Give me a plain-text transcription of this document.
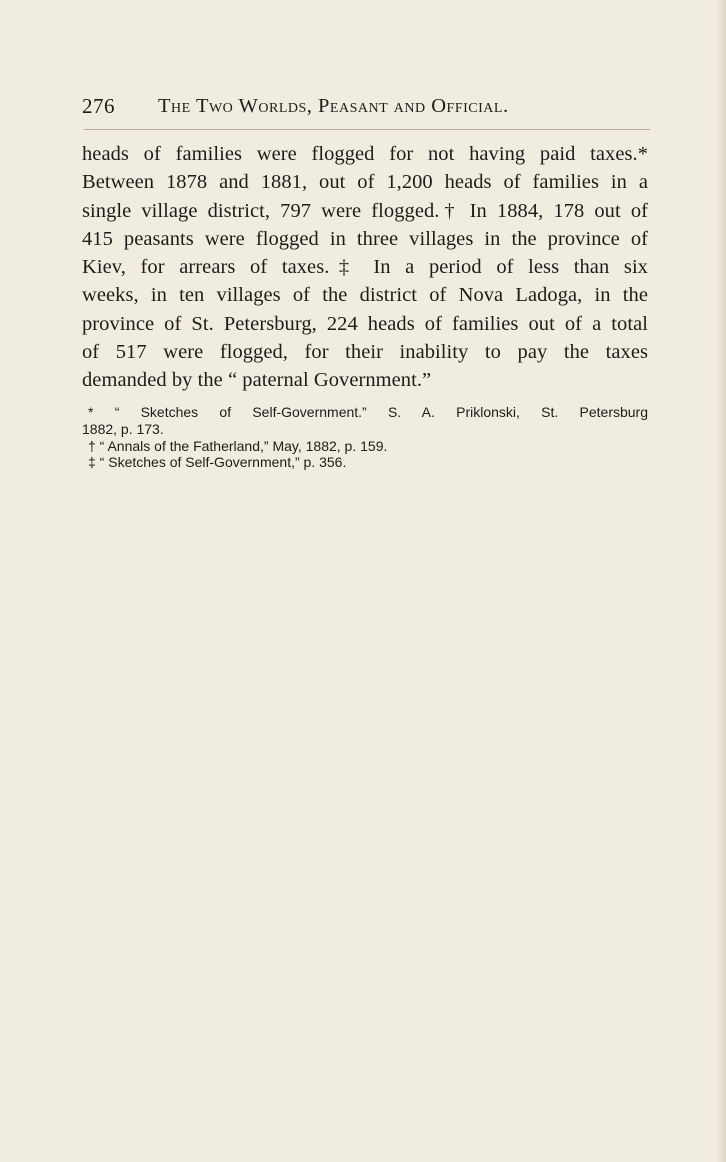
276 The Two Worlds, Peasant and Official.
heads of families were flogged for not having paid taxes.*
Between 1878 and 1881, out of 1,200 heads of families in a
single village district, 797 were flogged.† In 1884, 178 out of
415 peasants were flogged in three villages in the province of
Kiev, for arrears of taxes.‡ In a period of less than six
weeks, in ten villages of the district of Nova Ladoga, in the
province of St. Petersburg, 224 heads of families out of a total
of 517 were flogged, for their inability to pay the taxes
demanded by the “ paternal Government.”
* “ Sketches of Self-Government.” S. A. Priklonski, St. Petersburg
1882, p. 173.
† “ Annals of the Fatherland,” May, 1882, p. 159.
‡ “ Sketches of Self-Government,” p. 356.
